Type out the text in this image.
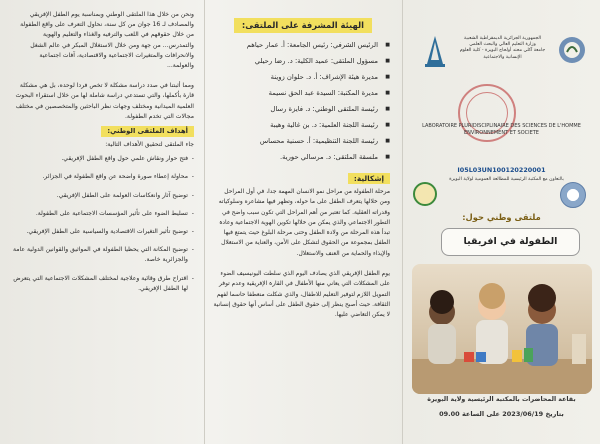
ونحن من خلال هذا الملتقى الوطني وبمناسبة يوم الطفل الإفريقي والمصادف لـ 16 جوان من كل سنة، نحاول التعرف على واقع الطفولة من خلال حقوقهم في اللعب والترفيه والغذاء والتعليم والهوية والتمدرس... من جهة ومن خلال الاستغلال المبكر في عالم الشغل والانحرافات والمتغيرات الاجتماعية والاقتصادية، آفات اجتماعية والعولمة...

ومما أثبتنا في صدد دراسة مشكلة لا تخص فردا لوحده، بل هي مشكلة قارة بأكملها، والتي تستدعي دراسة شاملة لها من خلال استقراء البحوث العلمية الميدانية ومختلف وجهات نظر الباحثين والمتخصصين في مختلف مجالات التي تخدم الطفولة.

أهداف الملتقى الوطني:

جاء الملتقى لتحقيق الأهداف التالية:

- فتح حوار ونقاش علمي حول واقع الطفل الإفريقي.
- محاولة إعطاء صورة واضحة عن واقع الطفولة في الجزائر.
- توضيح آثار وانعكاسات العولمة على الطفل الإفريقي.
- تسليط الضوء على تأثير المؤسسات الاجتماعية على الطفولة.
- توضيح تأثير التغيرات الاقتصادية والسياسية على الطفل الإفريقي.
- توضيح المكانة التي يحظيا الطفولة في المواثيق والقوانين الدولية عامة والجزائرية خاصة.
- اقتراح طرق وقائية وعلاجية لمختلف المشكلات الاجتماعية التي يتعرض لها الطفل الإفريقي.
الهيئة المشرفة على الملتقى:
■ الرئيس الشرفي: رئيس الجامعة: أ. عمار حياهم
■ مسؤول الملتقى: عميد الكلية: د. رضا رحيلي
■ مديرة هيئة الإشراف: أ. د. حلوان زوينة
■ مديرة المكتبة: السيدة عبد الحق نسيمة
■ رئيسة الملتقى الوطني: د. فايزة رسال
■ رئيسة اللجنة العلمية: د. بن غالية وهيبة
■ رئيسة اللجنة التنظيمية: أ. حسنية محساس
■ ملسقة الملتقى: د. مرسالي حورية.
إشكالية:

مرحلة الطفولة من مراحل نمو الانسان المهمة جدا، في أول المراحل ومن خلالها يتعرف الطفل على ما حوله، وتظهر فيها مشاعره وسلوكياته وقدراته العقلية. كما تعتبر من أهم المراحل التي تكون سبب واضح في التطور الاجتماعي والذي يمكن من خلالها تكوين الهوية الاجتماعية وعادة تبدأ هذه المرحلة من ولادة الطفل وحتى مرحلة البلوغ حيث يتمتع فيها الطفل بمجموعة من الحقوق لتشكل على الأمن، والعناية من الاستغلال والإيذاء والحماية من العنف والاستغلال.

يوم الطفل الإفريقي الذي يصادف اليوم الذي سلطت اليونيسيف الضوء على المشكلات التي يعاني منها الأطفال في القارة الإفريقية وعدم توفر التمويل اللازم لتوفير التعليم للاطفال، والذي شكلت منعطفا حاسما لفهم الثقافة. حيث أصبح ينظر إلى حقوق الطفل على أساس أنها حقوق إنسانية لا يمكن التغاضي عليها.

الجمهورية الجزائرية الديمقراطية الشعبية
وزارة التعليم العالي والبحث العلمي
جامعة آكلي محند أولحاج البويرة - كلية العلوم الإنسانية والاجتماعية
LABORATOIRE PLURIDISCIPLINAIRE DES SCIENCES DE L'HOMME ENVIRONNEMENT ET SOCIETE
I05L03UN100120220001
بالتعاون مع المكتبة الرئيسية للمطالعة العمومية لولاية البويرة
ملتقى وطني حول:
الطفولة في افريقيا
بقاعة المحاضرات بالمكتبة الرئيسية ولاية البويرة
بتاريخ 2023/06/19 على الساعة 09.00
